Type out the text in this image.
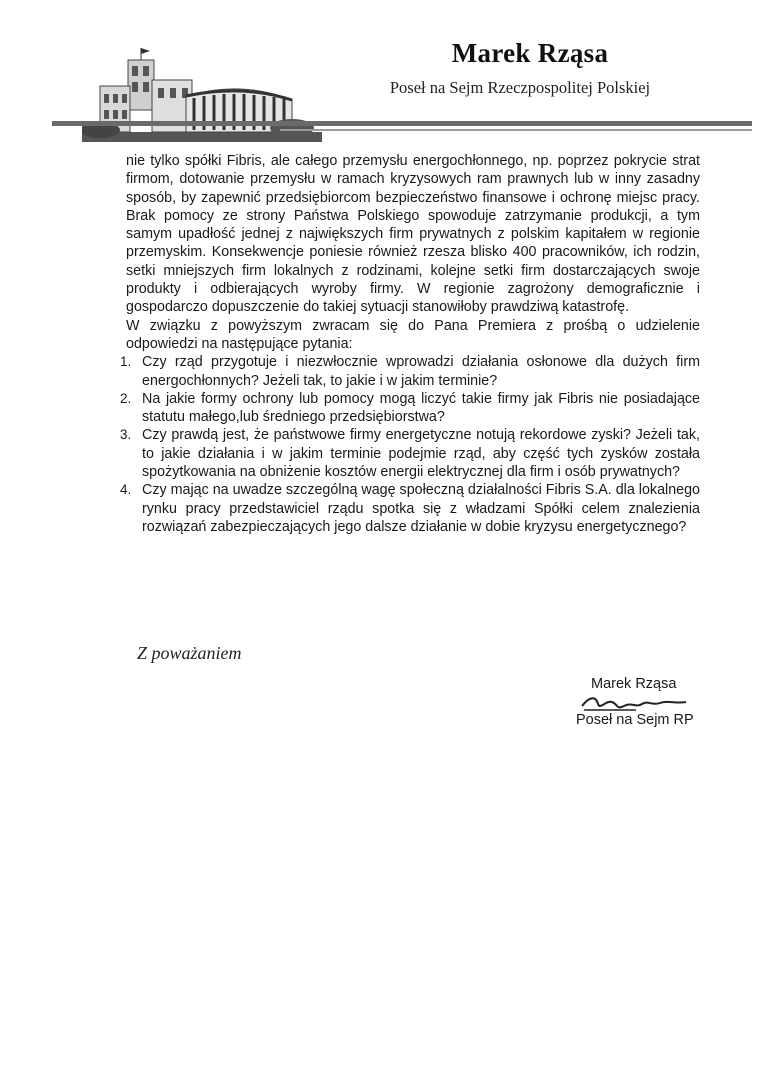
Marek Rząsa
Poseł na Sejm Rzeczpospolitej Polskiej

nie tylko spółki Fibris, ale całego przemysłu energochłonnego, np. poprzez pokrycie strat firmom, dotowanie przemysłu w ramach kryzysowych ram prawnych lub w inny zasadny sposób, by zapewnić przedsiębiorcom bezpieczeństwo finansowe i ochronę miejsc pracy. Brak pomocy ze strony Państwa Polskiego spowoduje zatrzymanie produkcji, a tym samym upadłość jednej z największych firm prywatnych z polskim kapitałem w regionie przemyskim. Konsekwencje poniesie również rzesza blisko 400 pracowników, ich rodzin, setki mniejszych firm lokalnych z rodzinami, kolejne setki firm dostarczających swoje produkty i odbierających wyroby firmy. W regionie zagrożony demograficznie i gospodarczo dopuszczenie do takiej sytuacji stanowiłoby prawdziwą katastrofę.

W związku z powyższym zwracam się do Pana Premiera z prośbą o udzielenie odpowiedzi na następujące pytania:

1. Czy rząd przygotuje i niezwłocznie wprowadzi działania osłonowe dla dużych firm energochłonnych? Jeżeli tak, to jakie i w jakim terminie?
2. Na jakie formy ochrony lub pomocy mogą liczyć takie firmy jak Fibris nie posiadające statutu małego,lub średniego przedsiębiorstwa?
3. Czy prawdą jest, że państwowe firmy energetyczne notują rekordowe zyski? Jeżeli tak, to jakie działania i w jakim terminie podejmie rząd, aby część tych zysków została spożytkowania na obniżenie kosztów energii elektrycznej dla firm i osób prywatnych?
4. Czy mając na uwadze szczególną wagę społeczną działalności Fibris S.A. dla lokalnego rynku pracy przedstawiciel rządu spotka się z władzami Spółki celem znalezienia rozwiązań zabezpieczających jego dalsze działanie w dobie kryzysu energetycznego?
Z poważaniem
Marek Rząsa
Poseł na Sejm RP
